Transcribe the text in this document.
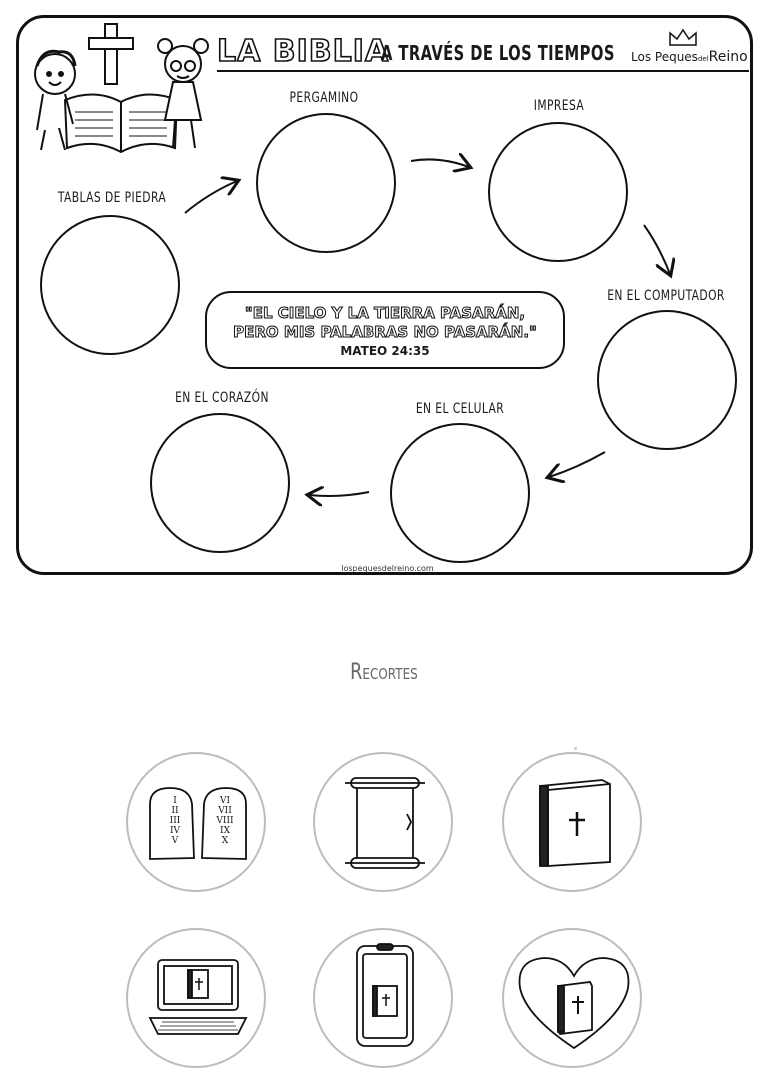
LA BIBLIA
A TRAVÉS DE LOS TIEMPOS Los PequesdelReino
TABLAS DE PIEDRA
PERGAMINO	IMPRESA
EN EL COMPUTADOR
EN EL CELULAR
EN EL CORAZÓN
"EL CIELO Y LA TIERRA PASARÁN,
PERO MIS PALABRAS NO PASARÁN."
MATEO 24:35
lospequesdelreino.com
Recortes
I
II
III
IV
V
VI
VII
VIII
IX
X
